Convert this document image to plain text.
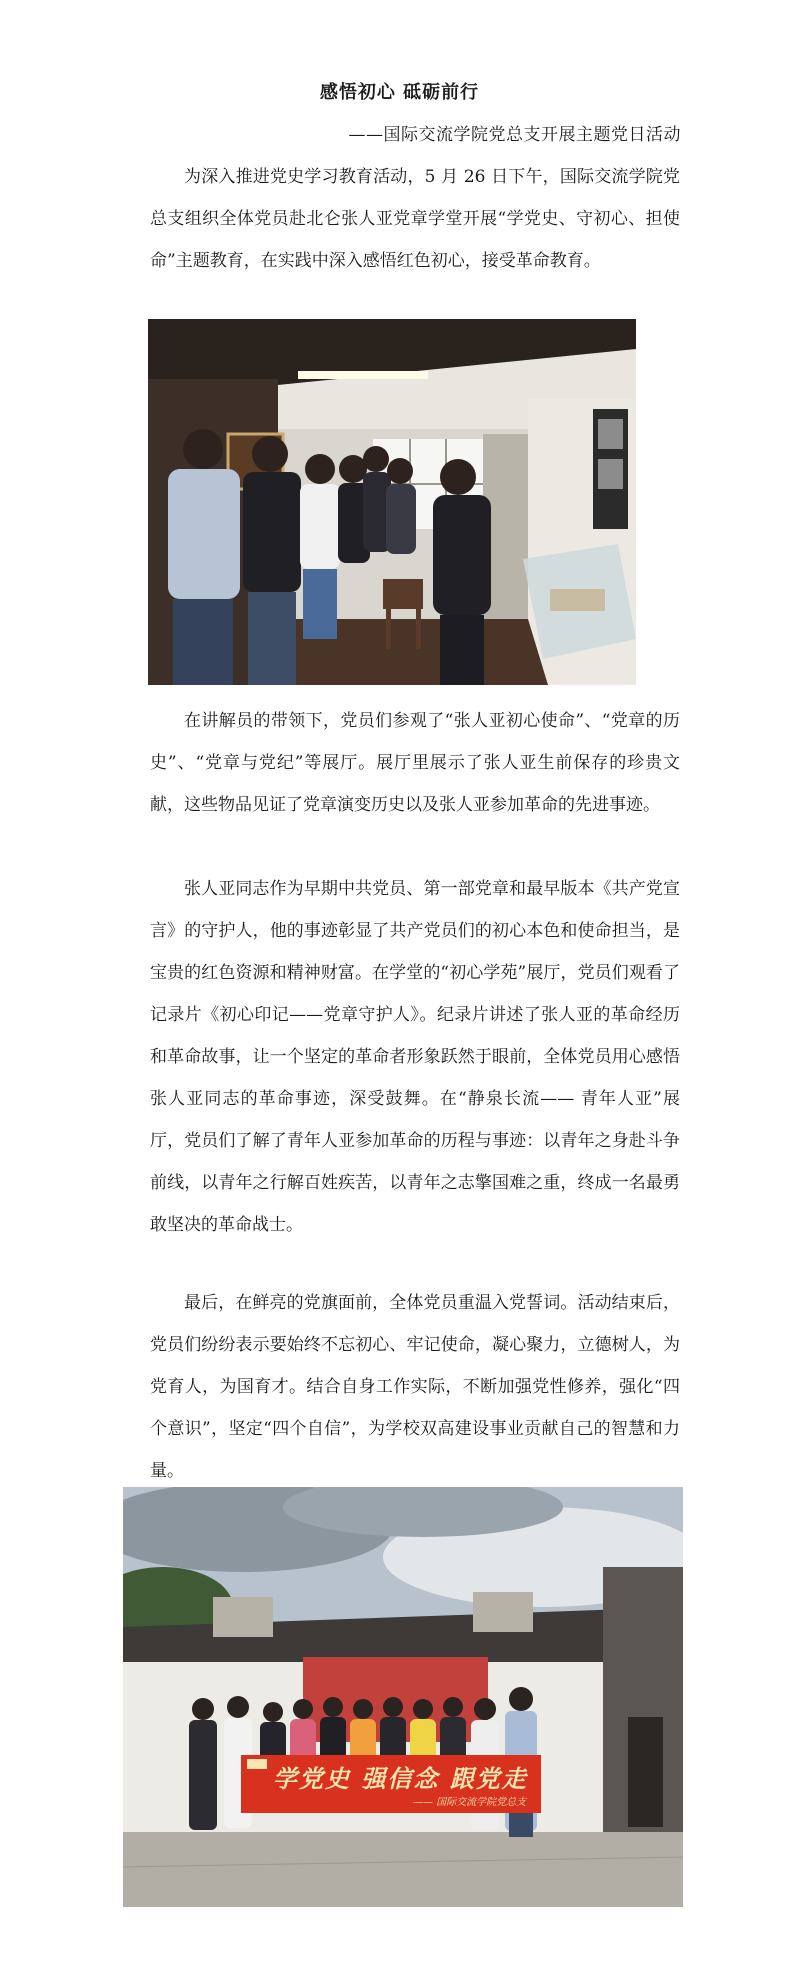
感悟初心 砥砺前行
——国际交流学院党总支开展主题党日活动

为深入推进党史学习教育活动，5 月 26 日下午，国际交流学院党总支组织全体党员赴北仑张人亚党章学堂开展“学党史、守初心、担使命”主题教育，在实践中深入感悟红色初心，接受革命教育。

在讲解员的带领下，党员们参观了“张人亚初心使命”、“党章的历史”、“党章与党纪”等展厅。展厅里展示了张人亚生前保存的珍贵文献，这些物品见证了党章演变历史以及张人亚参加革命的先进事迹。

张人亚同志作为早期中共党员、第一部党章和最早版本《共产党宣言》的守护人，他的事迹彰显了共产党员们的初心本色和使命担当，是宝贵的红色资源和精神财富。在学堂的“初心学苑”展厅，党员们观看了记录片《初心印记——党章守护人》。纪录片讲述了张人亚的革命经历和革命故事，让一个坚定的革命者形象跃然于眼前，全体党员用心感悟张人亚同志的革命事迹，深受鼓舞。在“静泉长流—— 青年人亚”展厅，党员们了解了青年人亚参加革命的历程与事迹：以青年之身赴斗争前线，以青年之行解百姓疾苦，以青年之志擎国难之重，终成一名最勇敢坚决的革命战士。

最后，在鲜亮的党旗面前，全体党员重温入党誓词。活动结束后，党员们纷纷表示要始终不忘初心、牢记使命，凝心聚力，立德树人，为党育人，为国育才。结合自身工作实际，不断加强党性修养，强化“四个意识”，坚定“四个自信”，为学校双高建设事业贡献自己的智慧和力量。

学党史 强信念 跟党走
—— 国际交流学院党总支
